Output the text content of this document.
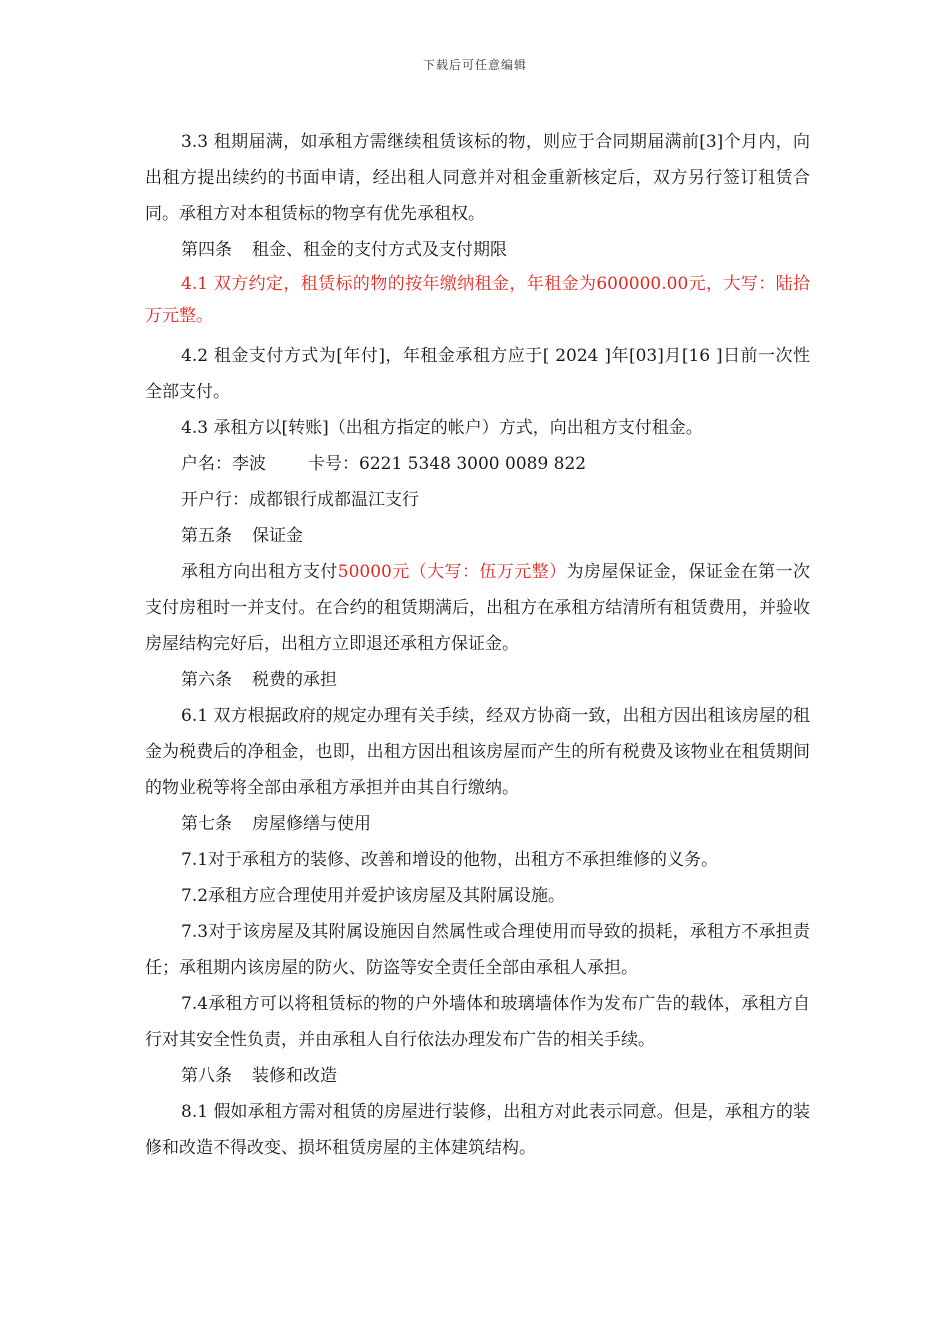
下载后可任意编辑

3.3 租期届满，如承租方需继续租赁该标的物，则应于合同期届满前[3]个月内，向出租方提出续约的书面申请，经出租人同意并对租金重新核定后，双方另行签订租赁合同。承租方对本租赁标的物享有优先承租权。

第四条 租金、租金的支付方式及支付期限

4.1 双方约定，租赁标的物的按年缴纳租金，年租金为600000.00元，大写：陆拾万元整。

4.2 租金支付方式为[年付]，年租金承租方应于[ 2024 ]年[03]月[16 ]日前一次性全部支付。

4.3 承租方以[转账]（出租方指定的帐户）方式，向出租方支付租金。

户名：李波 卡号：6221 5348 3000 0089 822

开户行：成都银行成都温江支行

第五条 保证金

承租方向出租方支付50000元（大写：伍万元整）为房屋保证金，保证金在第一次支付房租时一并支付。在合约的租赁期满后，出租方在承租方结清所有租赁费用，并验收房屋结构完好后，出租方立即退还承租方保证金。

第六条 税费的承担

6.1 双方根据政府的规定办理有关手续，经双方协商一致，出租方因出租该房屋的租金为税费后的净租金，也即，出租方因出租该房屋而产生的所有税费及该物业在租赁期间的物业税等将全部由承租方承担并由其自行缴纳。

第七条 房屋修缮与使用

7.1对于承租方的装修、改善和增设的他物，出租方不承担维修的义务。

7.2承租方应合理使用并爱护该房屋及其附属设施。

7.3对于该房屋及其附属设施因自然属性或合理使用而导致的损耗，承租方不承担责任；承租期内该房屋的防火、防盗等安全责任全部由承租人承担。

7.4承租方可以将租赁标的物的户外墙体和玻璃墙体作为发布广告的载体，承租方自行对其安全性负责，并由承租人自行依法办理发布广告的相关手续。

第八条 装修和改造

8.1 假如承租方需对租赁的房屋进行装修，出租方对此表示同意。但是，承租方的装修和改造不得改变、损坏租赁房屋的主体建筑结构。
